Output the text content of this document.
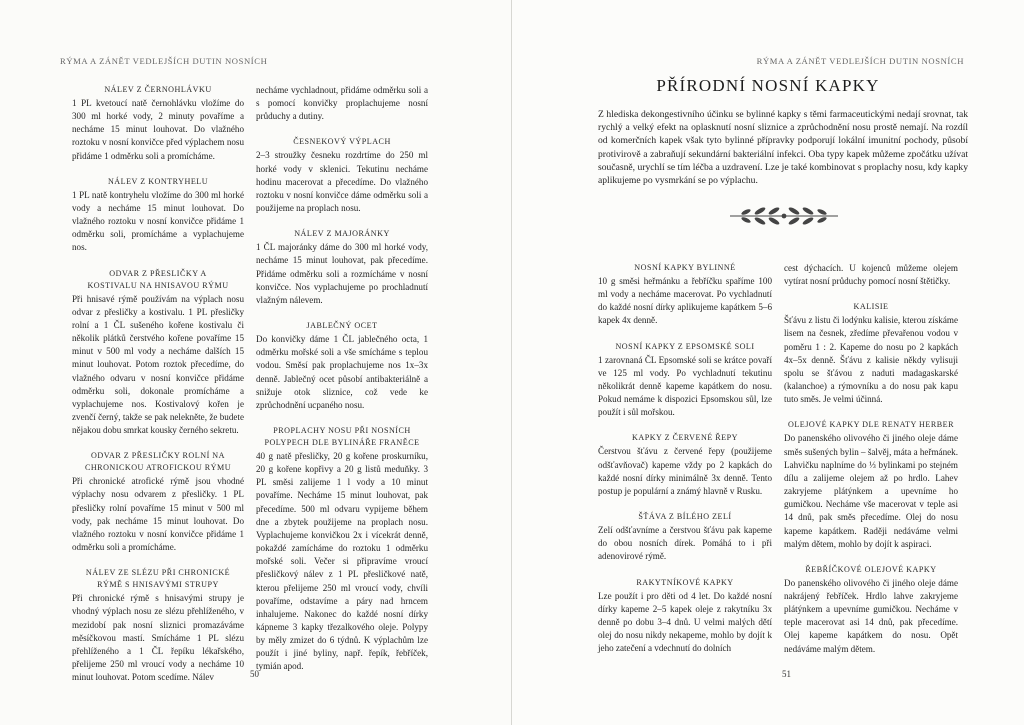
RÝMA A ZÁNĚT VEDLEJŠÍCH DUTIN NOSNÍCH
NÁLEV Z ČERNOHLÁVKU

1 PL kvetoucí natě černohlávku vložíme do 300 ml horké vody, 2 minuty povaříme a necháme 15 minut louhovat. Do vlažného roztoku v nosní konvičce před výplachem nosu přidáme 1 odměrku soli a promícháme.

NÁLEV Z KONTRYHELU

1 PL natě kontryhelu vložíme do 300 ml horké vody a necháme 15 minut louhovat. Do vlažného roztoku v nosní konvičce přidáme 1 odměrku soli, promícháme a vyplachujeme nos.

ODVAR Z PŘESLIČKY A KOSTIVALU NA HNISAVOU RÝMU

Při hnisavé rýmě používám na výplach nosu odvar z přesličky a kostivalu. 1 PL přesličky rolní a 1 ČL sušeného kořene kostivalu či několik plátků čerstvého kořene povaříme 15 minut v 500 ml vody a necháme dalších 15 minut louhovat. Potom roztok přecedíme, do vlažného odvaru v nosní konvičce přidáme odměrku soli, dokonale promícháme a vyplachujeme nos. Kostivalový kořen je zvenčí černý, takže se pak nelekněte, že budete nějakou dobu smrkat kousky černého sekretu.

ODVAR Z PŘESLIČKY ROLNÍ NA CHRONICKOU ATROFICKOU RÝMU

Při chronické atrofické rýmě jsou vhodné výplachy nosu odvarem z přesličky. 1 PL přesličky rolní povaříme 15 minut v 500 ml vody, pak necháme 15 minut louhovat. Do vlažného roztoku v nosní konvičce přidáme 1 odměrku soli a promícháme.

NÁLEV ZE SLÉZU PŘI CHRONICKÉ RÝMĚ S HNISAVÝMI STRUPY

Při chronické rýmě s hnisavými strupy je vhodný výplach nosu ze slézu přehlíženého, v mezidobí pak nosní sliznici promazáváme měsíčkovou mastí. Smícháme 1 PL slézu přehlíženého a 1 ČL řepíku lékařského, přelijeme 250 ml vroucí vody a necháme 10 minut louhovat. Potom scedíme. Nálev

necháme vychladnout, přidáme odměrku soli a s pomocí konvičky proplachujeme nosní průduchy a dutiny.

ČESNEKOVÝ VÝPLACH

2–3 stroužky česneku rozdrtíme do 250 ml horké vody v sklenici. Tekutinu necháme hodinu macerovat a přecedíme. Do vlažného roztoku v nosní konvičce dáme odměrku soli a použijeme na proplach nosu.

NÁLEV Z MAJORÁNKY

1 ČL majoránky dáme do 300 ml horké vody, necháme 15 minut louhovat, pak přecedíme. Přidáme odměrku soli a rozmícháme v nosní konvičce. Nos vyplachujeme po prochladnutí vlažným nálevem.

JABLEČNÝ OCET

Do konvičky dáme 1 ČL jablečného octa, 1 odměrku mořské soli a vše smícháme s teplou vodou. Směsí pak proplachujeme nos 1x–3x denně. Jablečný ocet působí antibakteriálně a snižuje otok sliznice, což vede ke zprůchodnění ucpaného nosu.

PROPLACHY NOSU PŘI NOSNÍCH POLYPECH DLE BYLINÁŘE FRANĚCE

40 g natě přesličky, 20 g kořene proskurníku, 20 g kořene kopřivy a 20 g listů meduňky. 3 PL směsi zalijeme 1 l vody a 10 minut povaříme. Necháme 15 minut louhovat, pak přecedíme. 500 ml odvaru vypijeme během dne a zbytek použijeme na proplach nosu. Vyplachujeme konvičkou 2x i vícekrát denně, pokaždé zamícháme do roztoku 1 odměrku mořské soli. Večer si připravíme vroucí přesličkový nálev z 1 PL přesličkové natě, kterou přelijeme 250 ml vroucí vody, chvíli povaříme, odstavíme a páry nad hrncem inhalujeme. Nakonec do každé nosní dírky kápneme 3 kapky třezalkového oleje. Polypy by měly zmizet do 6 týdnů. K výplachům lze použít i jiné byliny, např. řepík, řebříček, tymián apod.

50
RÝMA A ZÁNĚT VEDLEJŠÍCH DUTIN NOSNÍCH
PŘÍRODNÍ NOSNÍ KAPKY
Z hlediska dekongestivního účinku se bylinné kapky s těmi farmaceutickými nedají srovnat, tak rychlý a velký efekt na oplasknutí nosní sliznice a zprůchodnění nosu prostě nemají. Na rozdíl od komerčních kapek však tyto bylinné přípravky podporují lokální imunitní pochody, působí protivirově a zabraňují sekundární bakteriální infekci. Oba typy kapek můžeme zpočátku užívat současně, urychlí se tím léčba a uzdravení. Lze je také kombinovat s proplachy nosu, kdy kapky aplikujeme po vysmrkání se po výplachu.
NOSNÍ KAPKY BYLINNÉ

10 g směsi heřmánku a řebříčku spaříme 100 ml vody a necháme macerovat. Po vychladnutí do každé nosní dírky aplikujeme kapátkem 5–6 kapek 4x denně.

NOSNÍ KAPKY Z EPSOMSKÉ SOLI

1 zarovnaná ČL Epsomské soli se krátce povaří ve 125 ml vody. Po vychladnutí tekutinu několikrát denně kapeme kapátkem do nosu. Pokud nemáme k dispozici Epsomskou sůl, lze použít i sůl mořskou.

KAPKY Z ČERVENÉ ŘEPY

Čerstvou šťávu z červené řepy (použijeme odšťavňovač) kapeme vždy po 2 kapkách do každé nosní dírky minimálně 3x denně. Tento postup je populární a známý hlavně v Rusku.

ŠŤÁVA Z BÍLÉHO ZELÍ

Zelí odšťavníme a čerstvou šťávu pak kapeme do obou nosních dírek. Pomáhá to i při adenovirové rýmě.

RAKYTNÍKOVÉ KAPKY

Lze použít i pro děti od 4 let. Do každé nosní dírky kapeme 2–5 kapek oleje z rakytníku 3x denně po dobu 3–4 dnů. U velmi malých dětí olej do nosu nikdy nekapeme, mohlo by dojít k jeho zatečení a vdechnutí do dolních

cest dýchacích. U kojenců můžeme olejem vytírat nosní průduchy pomocí nosní štětičky.

KALISIE

Šťávu z listu či lodýnku kalisie, kterou získáme lisem na česnek, zředíme převařenou vodou v poměru 1 : 2. Kapeme do nosu po 2 kapkách 4x–5x denně. Šťávu z kalisie někdy vylisuji spolu se šťávou z naduti madagaskarské (kalanchoe) a rýmovníku a do nosu pak kapu tuto směs. Je velmi účinná.

OLEJOVÉ KAPKY DLE RENATY HERBER

Do panenského olivového či jiného oleje dáme směs sušených bylin – šalvěj, máta a heřmánek. Lahvičku naplníme do ⅓ bylinkami po stejném dílu a zalijeme olejem až po hrdlo. Lahev zakryjeme plátýnkem a upevníme ho gumičkou. Necháme vše macerovat v teple asi 14 dnů, pak směs přecedíme. Olej do nosu kapeme kapátkem. Raději nedáváme velmi malým dětem, mohlo by dojít k aspiraci.

ŘEBŘÍČKOVÉ OLEJOVÉ KAPKY

Do panenského olivového či jiného oleje dáme nakrájený řebříček. Hrdlo lahve zakryjeme plátýnkem a upevníme gumičkou. Necháme v teple macerovat asi 14 dnů, pak přecedíme. Olej kapeme kapátkem do nosu. Opět nedáváme malým dětem.

51
